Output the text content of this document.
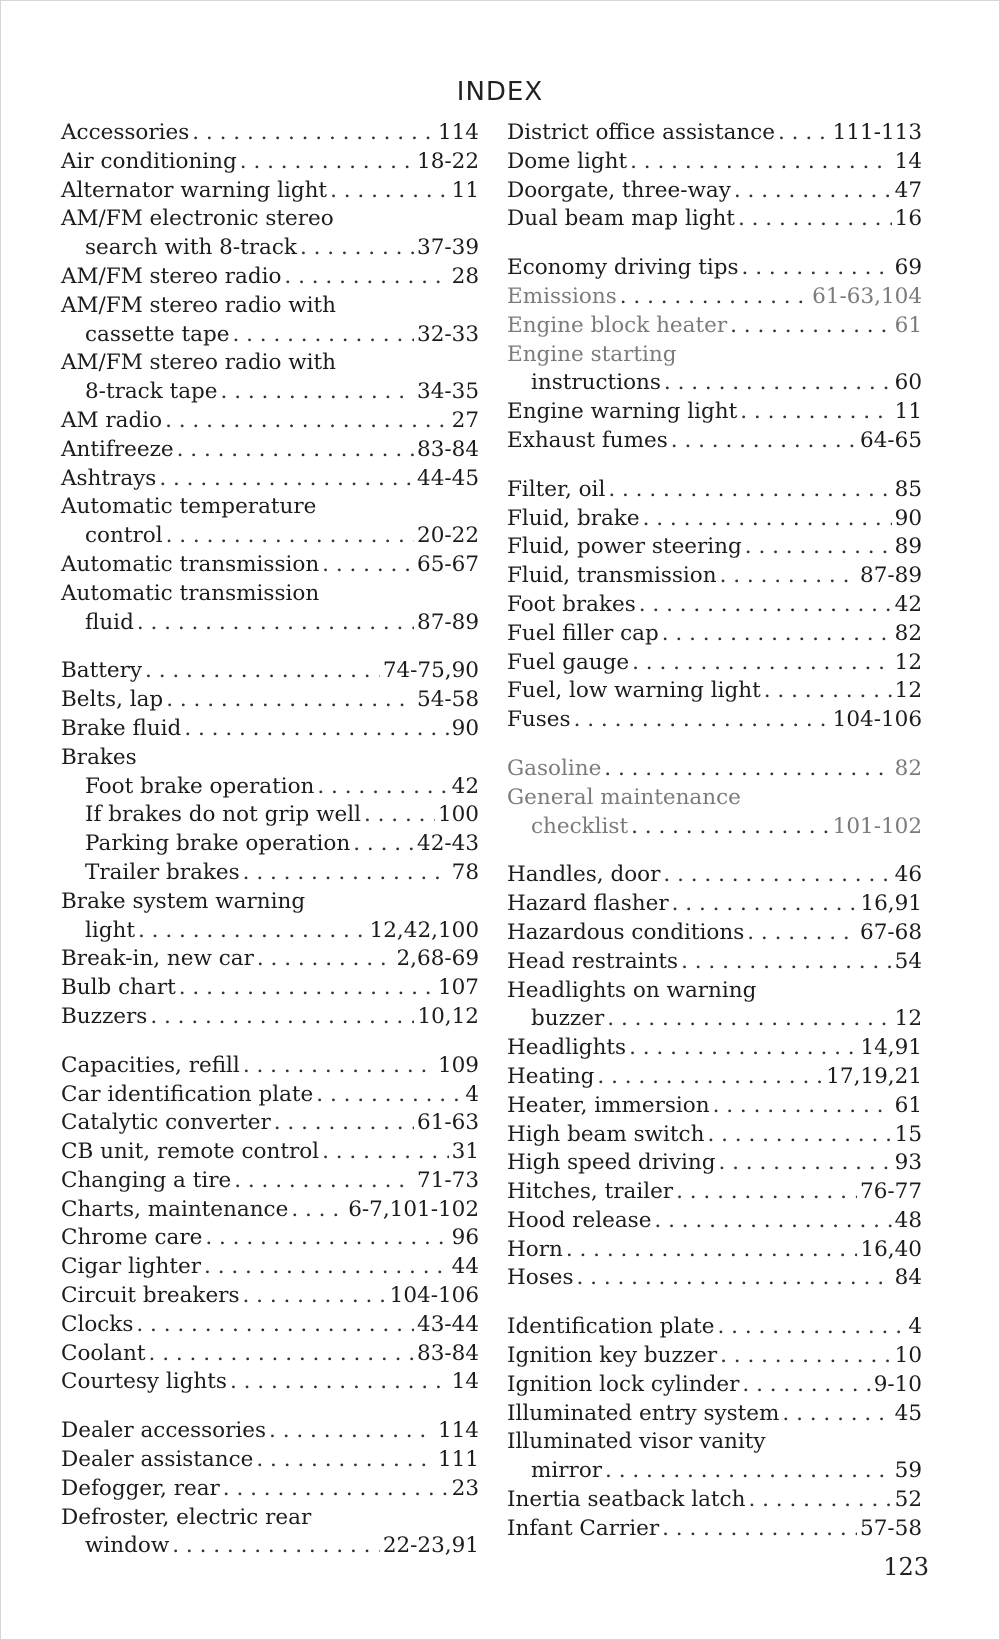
INDEX
Accessories . . .	114
Air conditioning . . .	18-22
Alternator warning light . . .	11
AM/FM electronic stereo
search with 8-track . . .	37-39
AM/FM stereo radio . . .	28
AM/FM stereo radio with
cassette tape . . .	32-33
AM/FM stereo radio with
8-track tape . . .	34-35
AM radio . . .	27
Antifreeze . . .	83-84
Ashtrays . . .	44-45
Automatic temperature
control . . .	20-22
Automatic transmission . . .	65-67
Automatic transmission
fluid . . .	87-89
Battery . . .	74-75,90
Belts, lap . . .	54-58
Brake fluid . . .	90
Brakes
Foot brake operation . . .	42
If brakes do not grip well . . .	100
Parking brake operation . . .	42-43
Trailer brakes . . .	78
Brake system warning
light . . .	12,42,100
Break-in, new car . . .	2,68-69
Bulb chart . . .	107
Buzzers . . .	10,12
Capacities, refill . . .	109
Car identification plate . . .	4
Catalytic converter . . .	61-63
CB unit, remote control . . .	31
Changing a tire . . .	71-73
Charts, maintenance . . .	6-7,101-102
Chrome care . . .	96
Cigar lighter . . .	44
Circuit breakers . . .	104-106
Clocks . . .	43-44
Coolant . . .	83-84
Courtesy lights . . .	14
Dealer accessories . . .	114
Dealer assistance . . .	111
Defogger, rear . . .	23
Defroster, electric rear
window . . .	22-23,91
District office assistance . . .	111-113
Dome light . . .	14
Doorgate, three-way . . .	47
Dual beam map light . . .	16
Economy driving tips . . .	69
Emissions . . .	61-63,104
Engine block heater . . .	61
Engine starting
instructions . . .	60
Engine warning light . . .	11
Exhaust fumes . . .	64-65
Filter, oil . . .	85
Fluid, brake . . .	90
Fluid, power steering . . .	89
Fluid, transmission . . .	87-89
Foot brakes . . .	42
Fuel filler cap . . .	82
Fuel gauge . . .	12
Fuel, low warning light . . .	12
Fuses . . .	104-106
Gasoline . . .	82
General maintenance
checklist . . .	101-102
Handles, door . . .	46
Hazard flasher . . .	16,91
Hazardous conditions . . .	67-68
Head restraints . . .	54
Headlights on warning
buzzer . . .	12
Headlights . . .	14,91
Heating . . .	17,19,21
Heater, immersion . . .	61
High beam switch . . .	15
High speed driving . . .	93
Hitches, trailer . . .	76-77
Hood release . . .	48
Horn . . .	16,40
Hoses . . .	84
Identification plate . . .	4
Ignition key buzzer . . .	10
Ignition lock cylinder . . .	9-10
Illuminated entry system . . .	45
Illuminated visor vanity
mirror . . .	59
Inertia seatback latch . . .	52
Infant Carrier . . .	57-58
123
